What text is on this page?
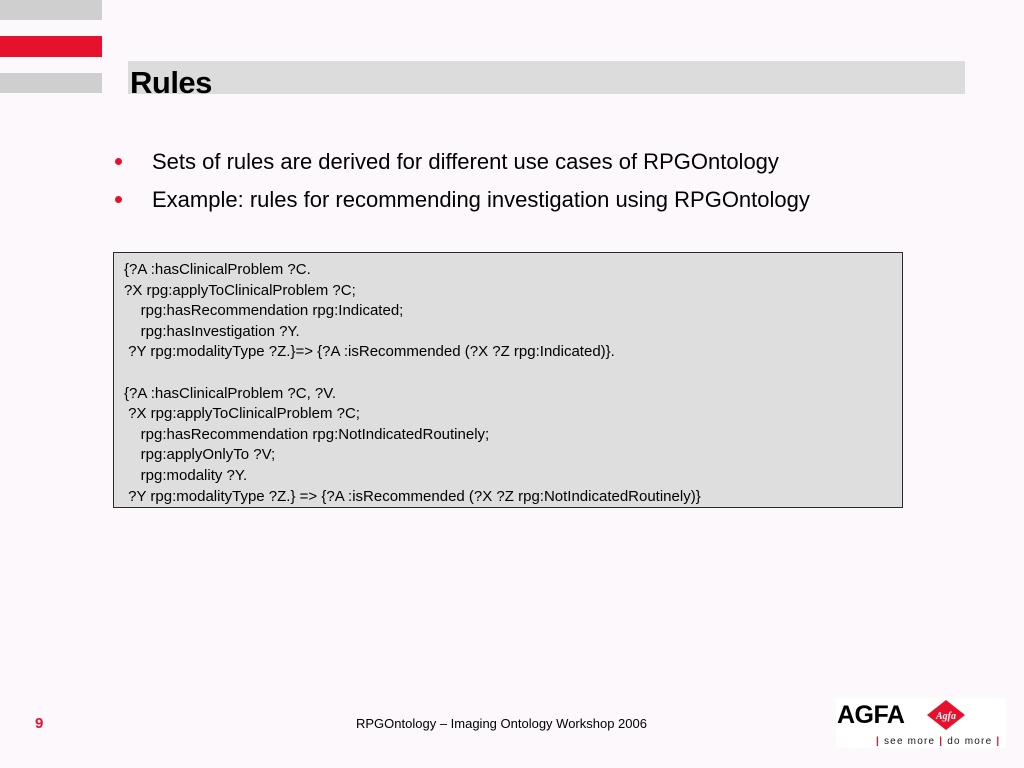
Rules
Sets of rules are derived for different use cases of RPGOntology
Example: rules for recommending investigation using RPGOntology
{?A :hasClinicalProblem ?C.
?X rpg:applyToClinicalProblem ?C;
rpg:hasRecommendation rpg:Indicated;
rpg:hasInvestigation ?Y.
?Y rpg:modalityType ?Z.}=> {?A :isRecommended (?X ?Z rpg:Indicated)}.
{?A :hasClinicalProblem ?C, ?V.
?X rpg:applyToClinicalProblem ?C;
rpg:hasRecommendation rpg:NotIndicatedRoutinely;
rpg:applyOnlyTo ?V;
rpg:modality ?Y.
?Y rpg:modalityType ?Z.} => {?A :isRecommended (?X ?Z rpg:NotIndicatedRoutinely)}
9	RPGOntology – Imaging Ontology Workshop 2006	AGFA	Agfa
| see more | do more |
